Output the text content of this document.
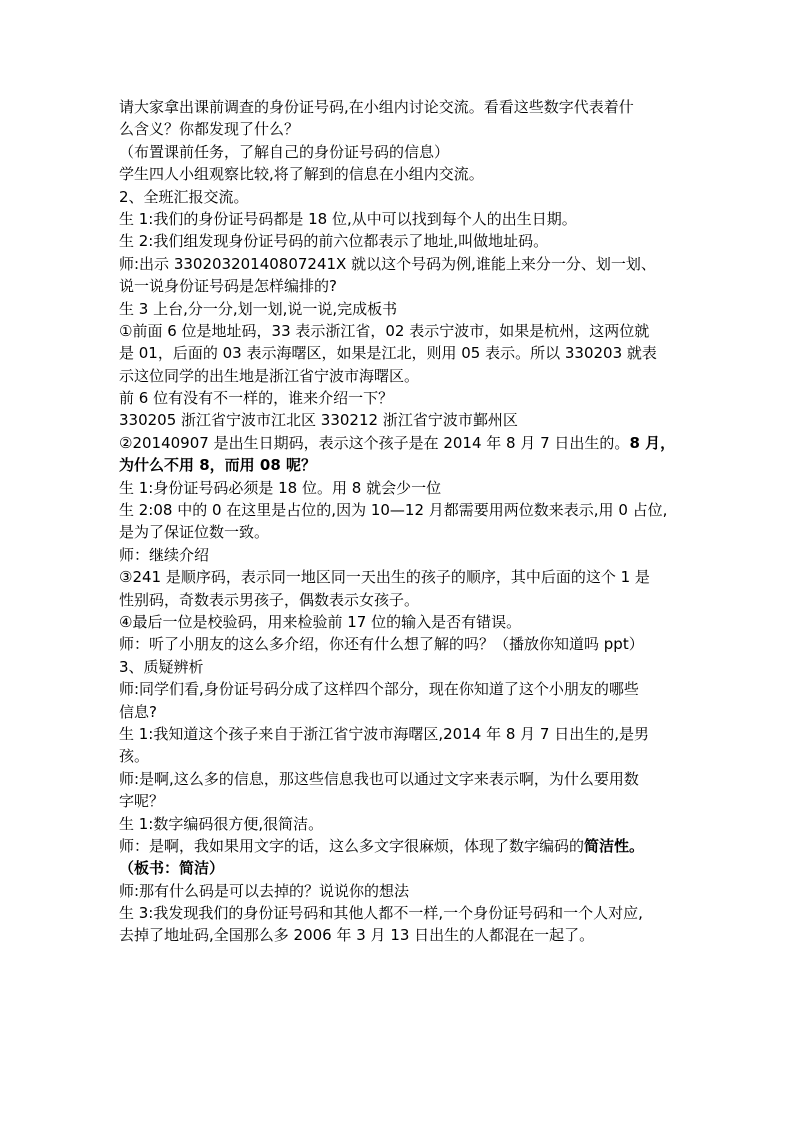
请大家拿出课前调查的身份证号码,在小组内讨论交流。看看这些数字代表着什
么含义？你都发现了什么？
（布置课前任务，了解自己的身份证号码的信息）
学生四人小组观察比较,将了解到的信息在小组内交流。
2、全班汇报交流。
生 1:我们的身份证号码都是 18 位,从中可以找到每个人的出生日期。
生 2:我们组发现身份证号码的前六位都表示了地址,叫做地址码。
师:出示 33020320140807241X 就以这个号码为例,谁能上来分一分、划一划、
说一说身份证号码是怎样编排的?
生 3 上台,分一分,划一划,说一说,完成板书
①前面 6 位是地址码，33 表示浙江省，02 表示宁波市，如果是杭州，这两位就
是 01，后面的 03 表示海曙区，如果是江北，则用 05 表示。所以 330203 就表
示这位同学的出生地是浙江省宁波市海曙区。
前 6 位有没有不一样的，谁来介绍一下？
330205 浙江省宁波市江北区 330212 浙江省宁波市鄞州区
②20140907 是出生日期码，表示这个孩子是在 2014 年 8 月 7 日出生的。8 月，
为什么不用 8，而用 08 呢？
生 1:身份证号码必须是 18 位。用 8 就会少一位
生 2:08 中的 0 在这里是占位的,因为 10—12 月都需要用两位数来表示,用 0 占位,
是为了保证位数一致。
师：继续介绍
③241 是顺序码，表示同一地区同一天出生的孩子的顺序，其中后面的这个 1 是
性别码，奇数表示男孩子，偶数表示女孩子。
④最后一位是校验码，用来检验前 17 位的输入是否有错误。
师：听了小朋友的这么多介绍，你还有什么想了解的吗？（播放你知道吗 ppt）
3、质疑辨析
师:同学们看,身份证号码分成了这样四个部分，现在你知道了这个小朋友的哪些
信息?
生 1:我知道这个孩子来自于浙江省宁波市海曙区,2014 年 8 月 7 日出生的,是男
孩。
师:是啊,这么多的信息，那这些信息我也可以通过文字来表示啊，为什么要用数
字呢？
生 1:数字编码很方便,很简洁。
师：是啊，我如果用文字的话，这么多文字很麻烦，体现了数字编码的简洁性。
（板书：简洁）
师:那有什么码是可以去掉的？说说你的想法
生 3:我发现我们的身份证号码和其他人都不一样,一个身份证号码和一个人对应,
去掉了地址码,全国那么多 2006 年 3 月 13 日出生的人都混在一起了。
